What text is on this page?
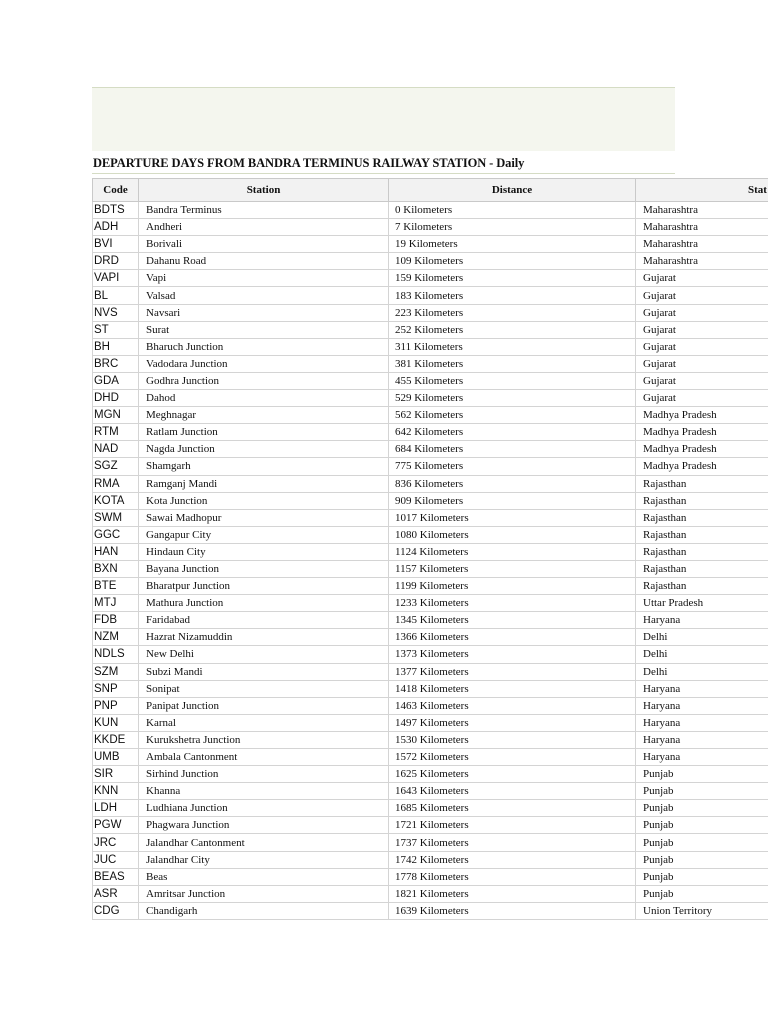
DEPARTURE DAYS FROM BANDRA TERMINUS RAILWAY STATION - Daily
Code	Station	Distance	Stat
BDTS	Bandra Terminus	0 Kilometers	Maharashtra
ADH	Andheri	7 Kilometers	Maharashtra
BVI	Borivali	19 Kilometers	Maharashtra
DRD	Dahanu Road	109 Kilometers	Maharashtra
VAPI	Vapi	159 Kilometers	Gujarat
BL	Valsad	183 Kilometers	Gujarat
NVS	Navsari	223 Kilometers	Gujarat
ST	Surat	252 Kilometers	Gujarat
BH	Bharuch Junction	311 Kilometers	Gujarat
BRC	Vadodara Junction	381 Kilometers	Gujarat
GDA	Godhra Junction	455 Kilometers	Gujarat
DHD	Dahod	529 Kilometers	Gujarat
MGN	Meghnagar	562 Kilometers	Madhya Pradesh
RTM	Ratlam Junction	642 Kilometers	Madhya Pradesh
NAD	Nagda Junction	684 Kilometers	Madhya Pradesh
SGZ	Shamgarh	775 Kilometers	Madhya Pradesh
RMA	Ramganj Mandi	836 Kilometers	Rajasthan
KOTA	Kota Junction	909 Kilometers	Rajasthan
SWM	Sawai Madhopur	1017 Kilometers	Rajasthan
GGC	Gangapur City	1080 Kilometers	Rajasthan
HAN	Hindaun City	1124 Kilometers	Rajasthan
BXN	Bayana Junction	1157 Kilometers	Rajasthan
BTE	Bharatpur Junction	1199 Kilometers	Rajasthan
MTJ	Mathura Junction	1233 Kilometers	Uttar Pradesh
FDB	Faridabad	1345 Kilometers	Haryana
NZM	Hazrat Nizamuddin	1366 Kilometers	Delhi
NDLS	New Delhi	1373 Kilometers	Delhi
SZM	Subzi Mandi	1377 Kilometers	Delhi
SNP	Sonipat	1418 Kilometers	Haryana
PNP	Panipat Junction	1463 Kilometers	Haryana
KUN	Karnal	1497 Kilometers	Haryana
KKDE	Kurukshetra Junction	1530 Kilometers	Haryana
UMB	Ambala Cantonment	1572 Kilometers	Haryana
SIR	Sirhind Junction	1625 Kilometers	Punjab
KNN	Khanna	1643 Kilometers	Punjab
LDH	Ludhiana Junction	1685 Kilometers	Punjab
PGW	Phagwara Junction	1721 Kilometers	Punjab
JRC	Jalandhar Cantonment	1737 Kilometers	Punjab
JUC	Jalandhar City	1742 Kilometers	Punjab
BEAS	Beas	1778 Kilometers	Punjab
ASR	Amritsar Junction	1821 Kilometers	Punjab
CDG	Chandigarh	1639 Kilometers	Union Territory
